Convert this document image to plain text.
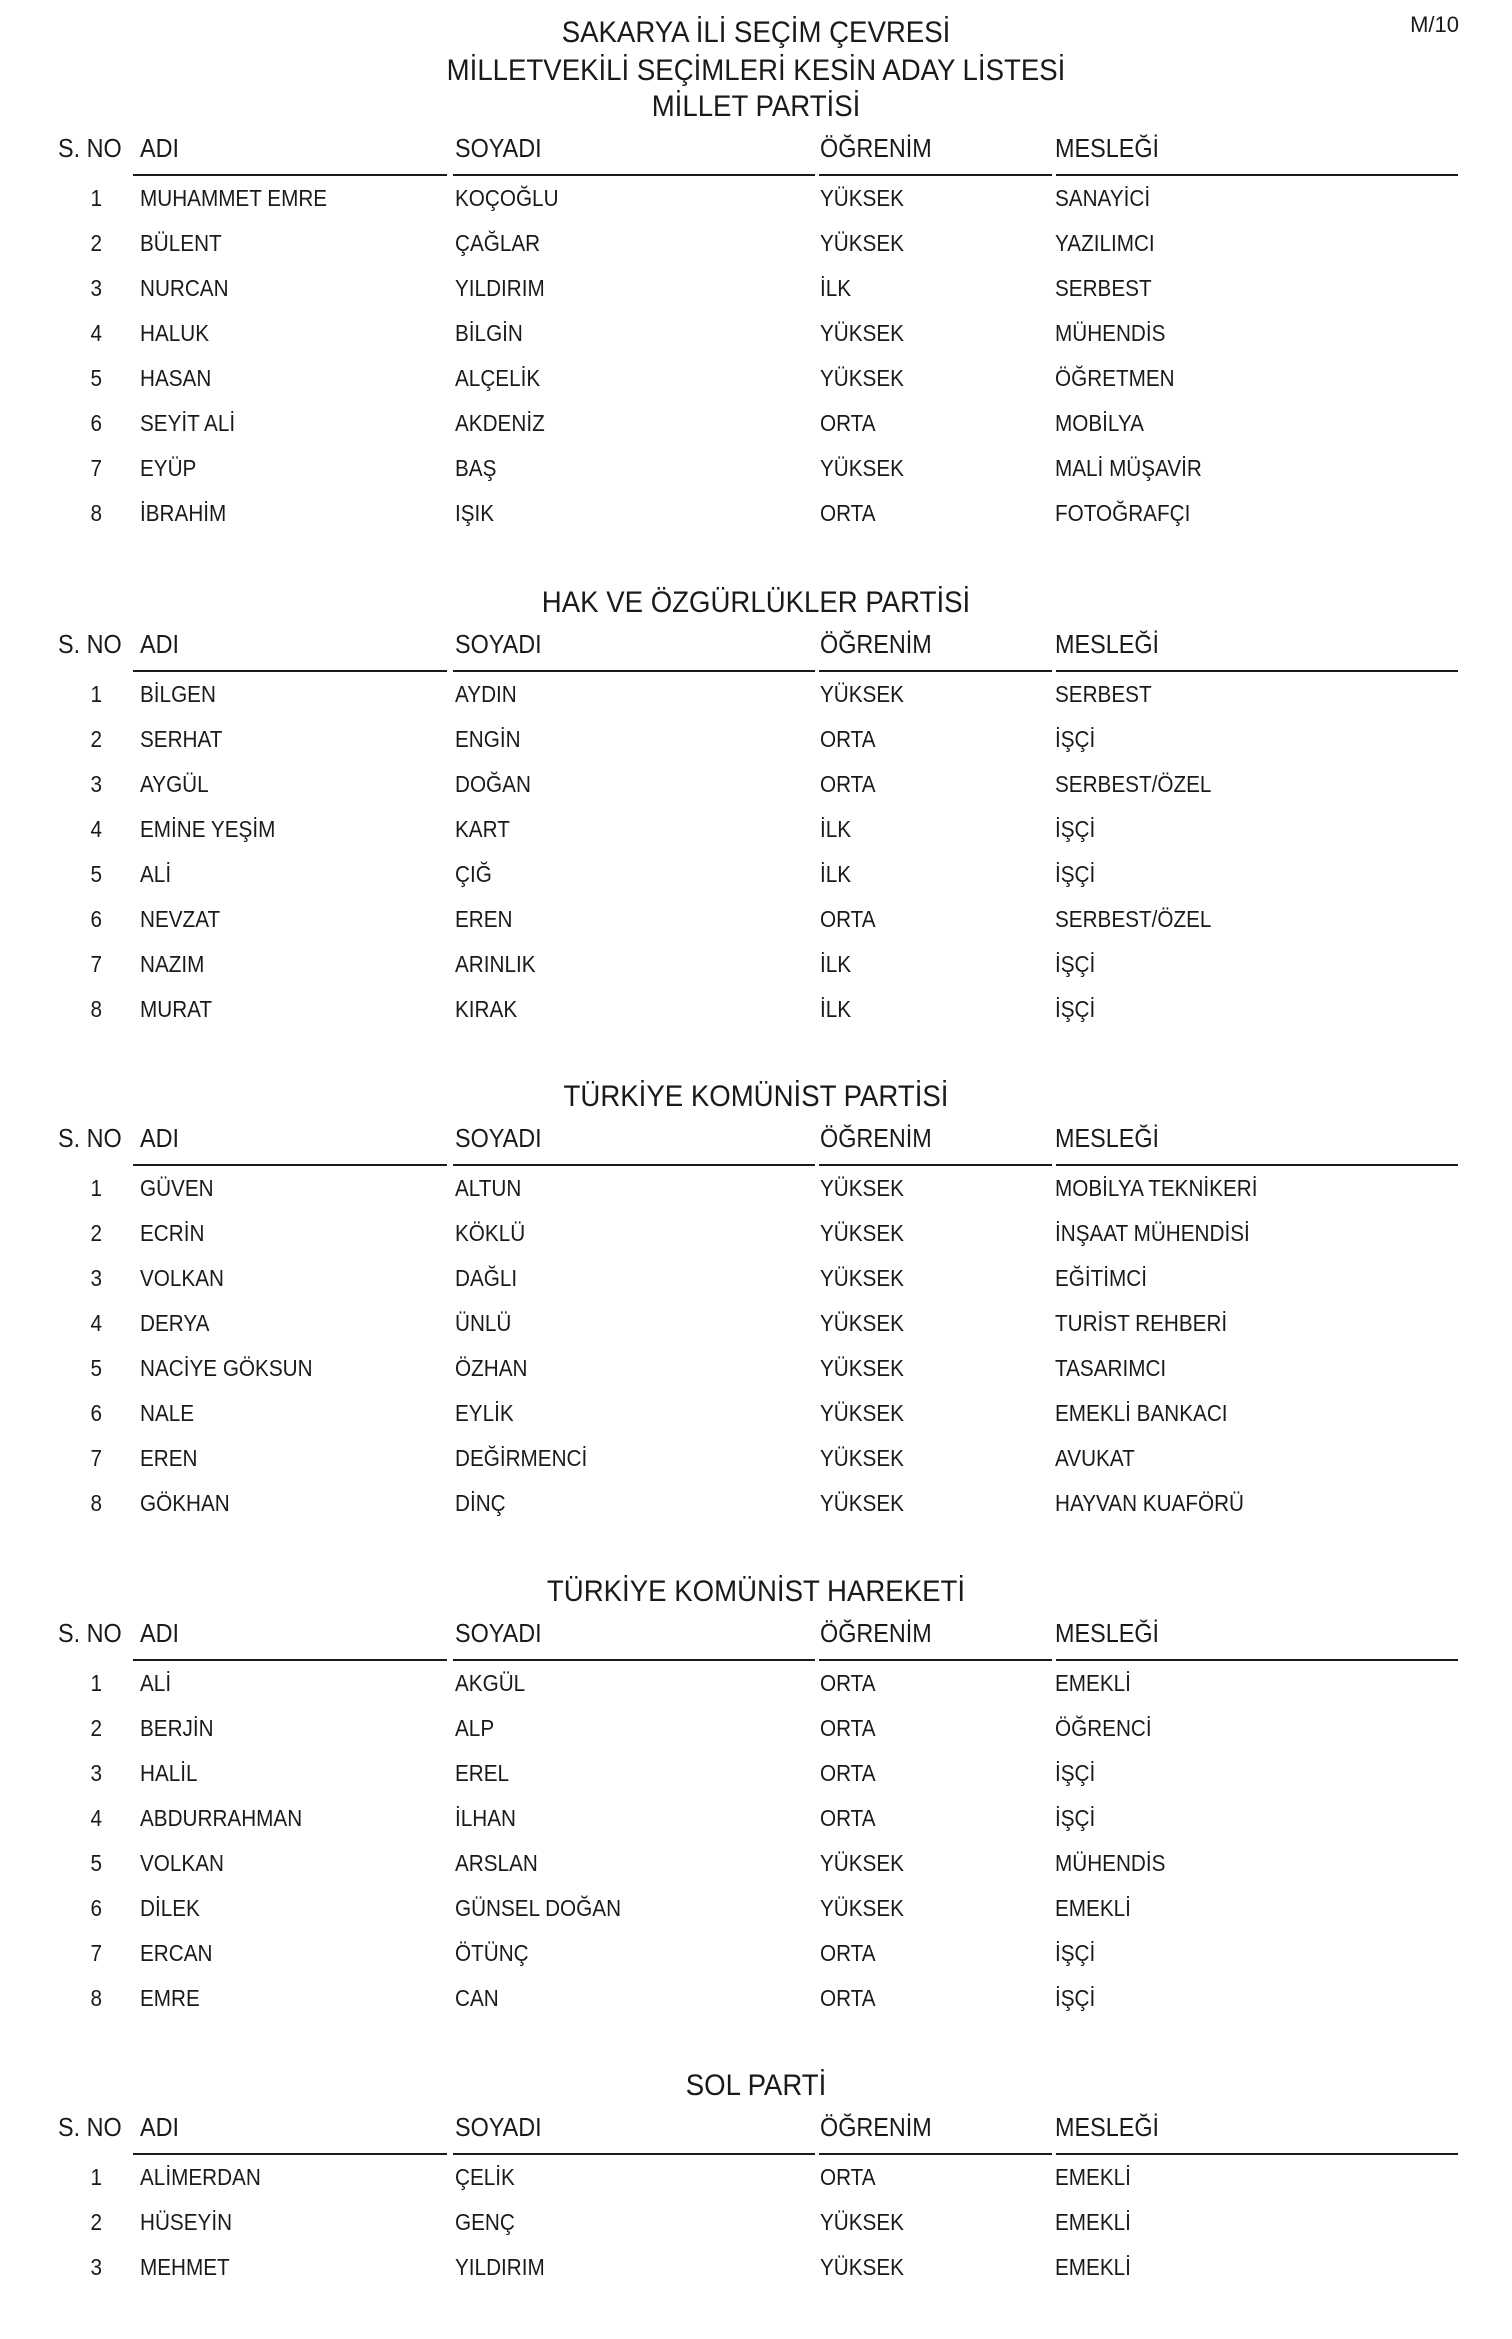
M/10
SAKARYA İLİ SEÇİM ÇEVRESİ
MİLLETVEKİLİ SEÇİMLERİ KESİN ADAY LİSTESİ
MİLLET PARTİSİ
S. NO ADI	SOYADI	ÖĞRENİM	MESLEĞİ
1 MUHAMMET EMRE	KOÇOĞLU	YÜKSEK	SANAYİCİ
2 BÜLENT	ÇAĞLAR	YÜKSEK	YAZILIMCI
3 NURCAN	YILDIRIM	İLK	SERBEST
4 HALUK	BİLGİN	YÜKSEK	MÜHENDİS
5 HASAN	ALÇELİK	YÜKSEK	ÖĞRETMEN
6 SEYİT ALİ	AKDENİZ	ORTA	MOBİLYA
7 EYÜP	BAŞ	YÜKSEK	MALİ MÜŞAVİR
8 İBRAHİM	IŞIK	ORTA	FOTOĞRAFÇI
HAK VE ÖZGÜRLÜKLER PARTİSİ
S. NO ADI	SOYADI	ÖĞRENİM	MESLEĞİ
1 BİLGEN	AYDIN	YÜKSEK	SERBEST
2 SERHAT	ENGİN	ORTA	İŞÇİ
3 AYGÜL	DOĞAN	ORTA	SERBEST/ÖZEL
4 EMİNE YEŞİM	KART	İLK	İŞÇİ
5 ALİ	ÇIĞ	İLK	İŞÇİ
6 NEVZAT	EREN	ORTA	SERBEST/ÖZEL
7 NAZIM	ARINLIK	İLK	İŞÇİ
8 MURAT	KIRAK	İLK	İŞÇİ
TÜRKİYE KOMÜNİST PARTİSİ
S. NO ADI	SOYADI	ÖĞRENİM	MESLEĞİ
1 GÜVEN	ALTUN	YÜKSEK	MOBİLYA TEKNİKERİ
2 ECRİN	KÖKLÜ	YÜKSEK	İNŞAAT MÜHENDİSİ
3 VOLKAN	DAĞLI	YÜKSEK	EĞİTİMCİ
4 DERYA	ÜNLÜ	YÜKSEK	TURİST REHBERİ
5 NACİYE GÖKSUN	ÖZHAN	YÜKSEK	TASARIMCI
6 NALE	EYLİK	YÜKSEK	EMEKLİ BANKACI
7 EREN	DEĞİRMENCİ	YÜKSEK	AVUKAT
8 GÖKHAN	DİNÇ	YÜKSEK	HAYVAN KUAFÖRÜ
TÜRKİYE KOMÜNİST HAREKETİ
S. NO ADI	SOYADI	ÖĞRENİM	MESLEĞİ
1 ALİ	AKGÜL	ORTA	EMEKLİ
2 BERJİN	ALP	ORTA	ÖĞRENCİ
3 HALİL	EREL	ORTA	İŞÇİ
4 ABDURRAHMAN	İLHAN	ORTA	İŞÇİ
5 VOLKAN	ARSLAN	YÜKSEK	MÜHENDİS
6 DİLEK	GÜNSEL DOĞAN	YÜKSEK	EMEKLİ
7 ERCAN	ÖTÜNÇ	ORTA	İŞÇİ
8 EMRE	CAN	ORTA	İŞÇİ
SOL PARTİ
S. NO ADI	SOYADI	ÖĞRENİM	MESLEĞİ
1 ALİMERDAN	ÇELİK	ORTA	EMEKLİ
2 HÜSEYİN	GENÇ	YÜKSEK	EMEKLİ
3 MEHMET	YILDIRIM	YÜKSEK	EMEKLİ
